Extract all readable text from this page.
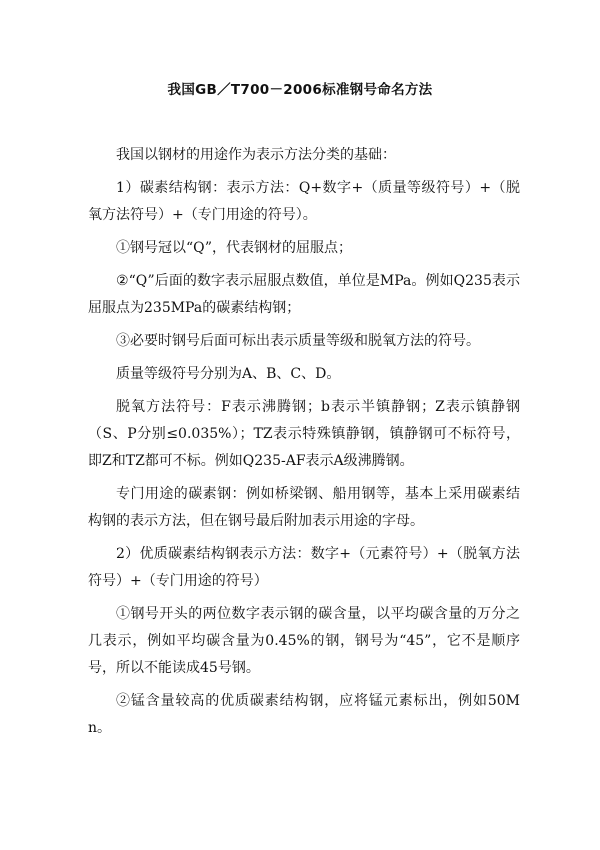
我国GB／T700－2006标准钢号命名方法

我国以钢材的用途作为表示方法分类的基础：

1）碳素结构钢：表示方法：Q+数字+（质量等级符号）+（脱氧方法符号）+（专门用途的符号）。

①钢号冠以“Q”，代表钢材的屈服点；

②“Q”后面的数字表示屈服点数值，单位是MPa。例如Q235表示屈服点为235MPa的碳素结构钢；

③必要时钢号后面可标出表示质量等级和脱氧方法的符号。

质量等级符号分别为A、B、C、D。

脱氧方法符号：F表示沸腾钢；b表示半镇静钢；Z表示镇静钢（S、P分别≤0.035%）；TZ表示特殊镇静钢，镇静钢可不标符号，即Z和TZ都可不标。例如Q235-AF表示A级沸腾钢。

专门用途的碳素钢：例如桥梁钢、船用钢等，基本上采用碳素结构钢的表示方法，但在钢号最后附加表示用途的字母。

2）优质碳素结构钢表示方法：数字+（元素符号）+（脱氧方法符号）+（专门用途的符号）

①钢号开头的两位数字表示钢的碳含量，以平均碳含量的万分之几表示，例如平均碳含量为0.45%的钢，钢号为“45”，它不是顺序号，所以不能读成45号钢。

②锰含量较高的优质碳素结构钢，应将锰元素标出，例如50Mn。
